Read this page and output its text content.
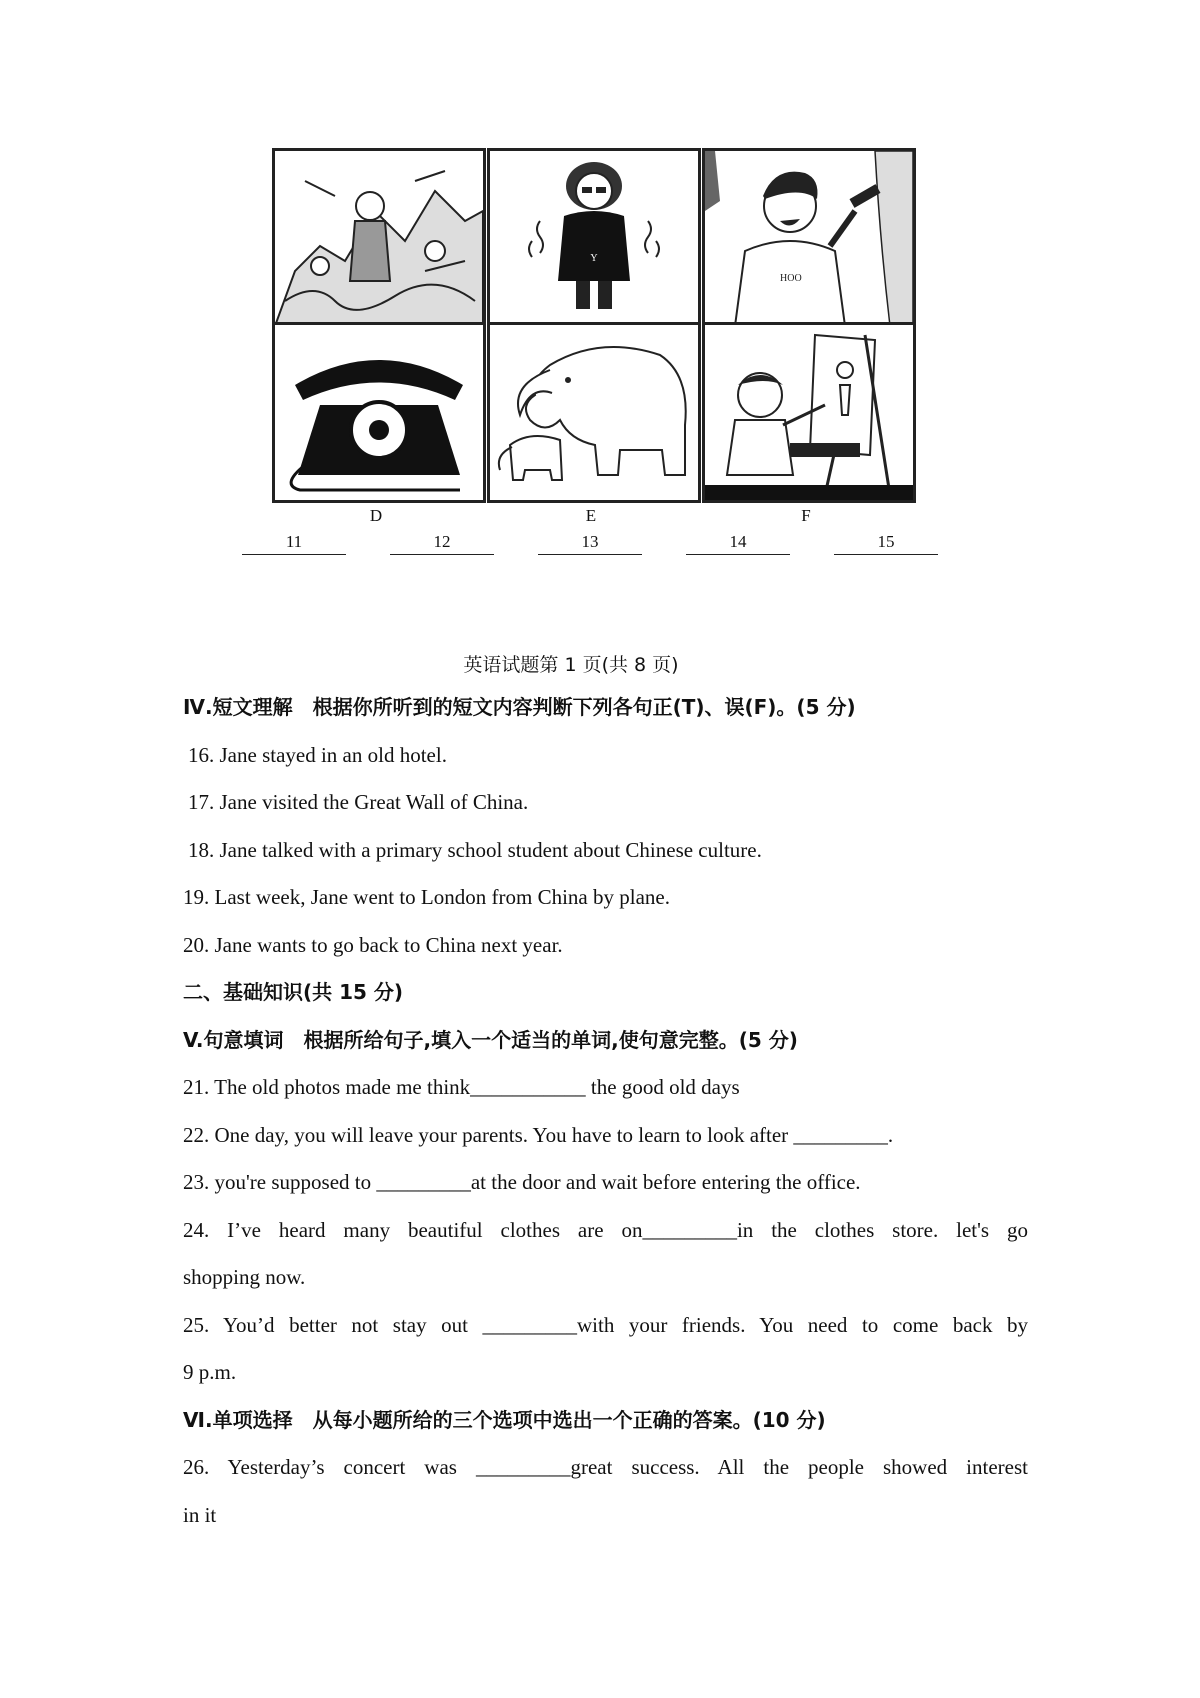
Y
HOO
D	E	F
11	12	13	14	15
英语试题第 1 页(共 8 页)
Ⅳ.短文理解　根据你所听到的短文内容判断下列各句正(T)、误(F)。(5 分)
16. Jane stayed in an old hotel.
17. Jane visited the Great Wall of China.
18. Jane talked with a primary school student about Chinese culture.
19. Last week, Jane went to London from China by plane.
20. Jane wants to go back to China next year.
二、基础知识(共 15 分)
V.句意填词　根据所给句子,填入一个适当的单词,使句意完整。(5 分)
21. The old photos made me think___________ the good old days
22. One day, you will leave your parents. You have to learn to look after _________.
23. you're supposed to _________at the door and wait before entering the office.
24. I’ve heard many beautiful clothes are on_________in the clothes store. let's go
shopping now.
25. You’d better not stay out _________with your friends. You need to come back by
9 p.m.
Ⅵ.单项选择　从每小题所给的三个选项中选出一个正确的答案。(10 分)
26. Yesterday’s concert was _________great success. All the people showed interest
in it
